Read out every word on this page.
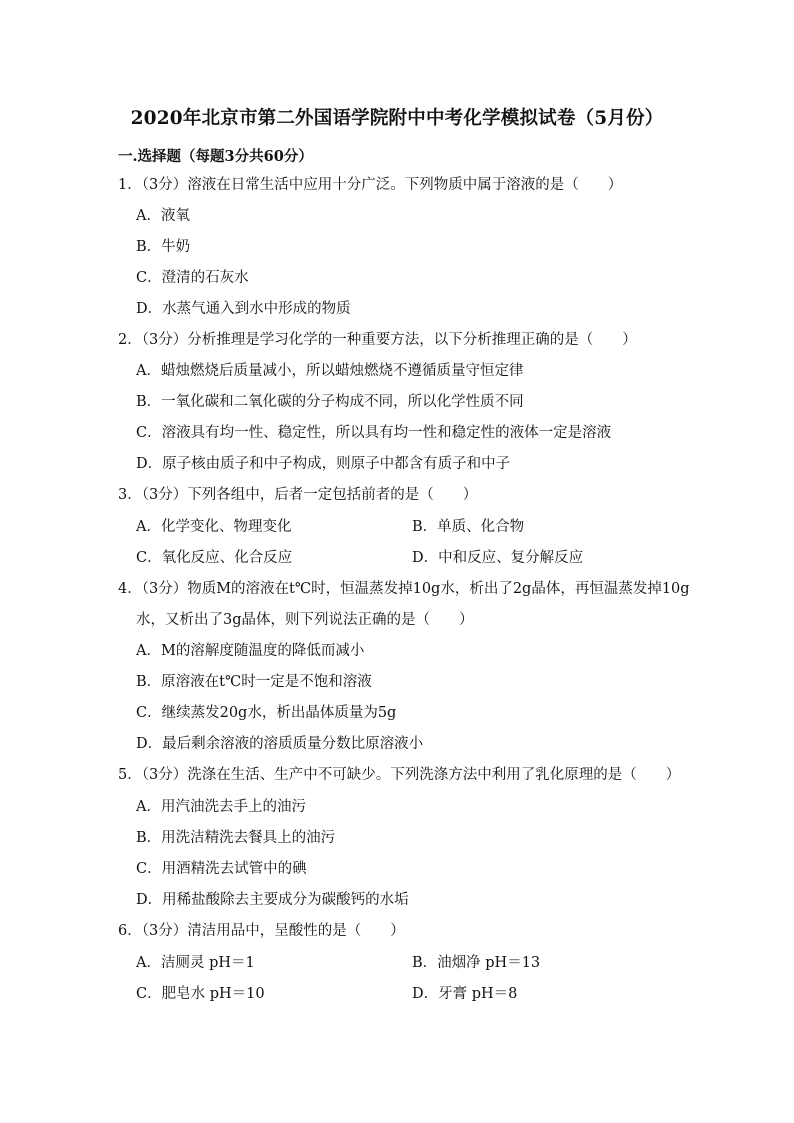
2020年北京市第二外国语学院附中中考化学模拟试卷（5月份）
一.选择题（每题3分共60分）
1．（3分）溶液在日常生活中应用十分广泛。下列物质中属于溶液的是（　　）
A．液氧
B．牛奶
C．澄清的石灰水
D．水蒸气通入到水中形成的物质
2．（3分）分析推理是学习化学的一种重要方法，以下分析推理正确的是（　　）
A．蜡烛燃烧后质量减小，所以蜡烛燃烧不遵循质量守恒定律
B．一氧化碳和二氧化碳的分子构成不同，所以化学性质不同
C．溶液具有均一性、稳定性，所以具有均一性和稳定性的液体一定是溶液
D．原子核由质子和中子构成，则原子中都含有质子和中子
3．（3分）下列各组中，后者一定包括前者的是（　　）
A．化学变化、物理变化	B．单质、化合物
C．氧化反应、化合反应	D．中和反应、复分解反应
4．（3分）物质M的溶液在t℃时，恒温蒸发掉10g水，析出了2g晶体，再恒温蒸发掉10g
水，又析出了3g晶体，则下列说法正确的是（　　）
A．M的溶解度随温度的降低而减小
B．原溶液在t℃时一定是不饱和溶液
C．继续蒸发20g水，析出晶体质量为5g
D．最后剩余溶液的溶质质量分数比原溶液小
5．（3分）洗涤在生活、生产中不可缺少。下列洗涤方法中利用了乳化原理的是（　　）
A．用汽油洗去手上的油污
B．用洗洁精洗去餐具上的油污
C．用酒精洗去试管中的碘
D．用稀盐酸除去主要成分为碳酸钙的水垢
6．（3分）清洁用品中，呈酸性的是（　　）
A．洁厕灵 pH＝1	B．油烟净 pH＝13
C．肥皂水 pH＝10	D．牙膏 pH＝8
